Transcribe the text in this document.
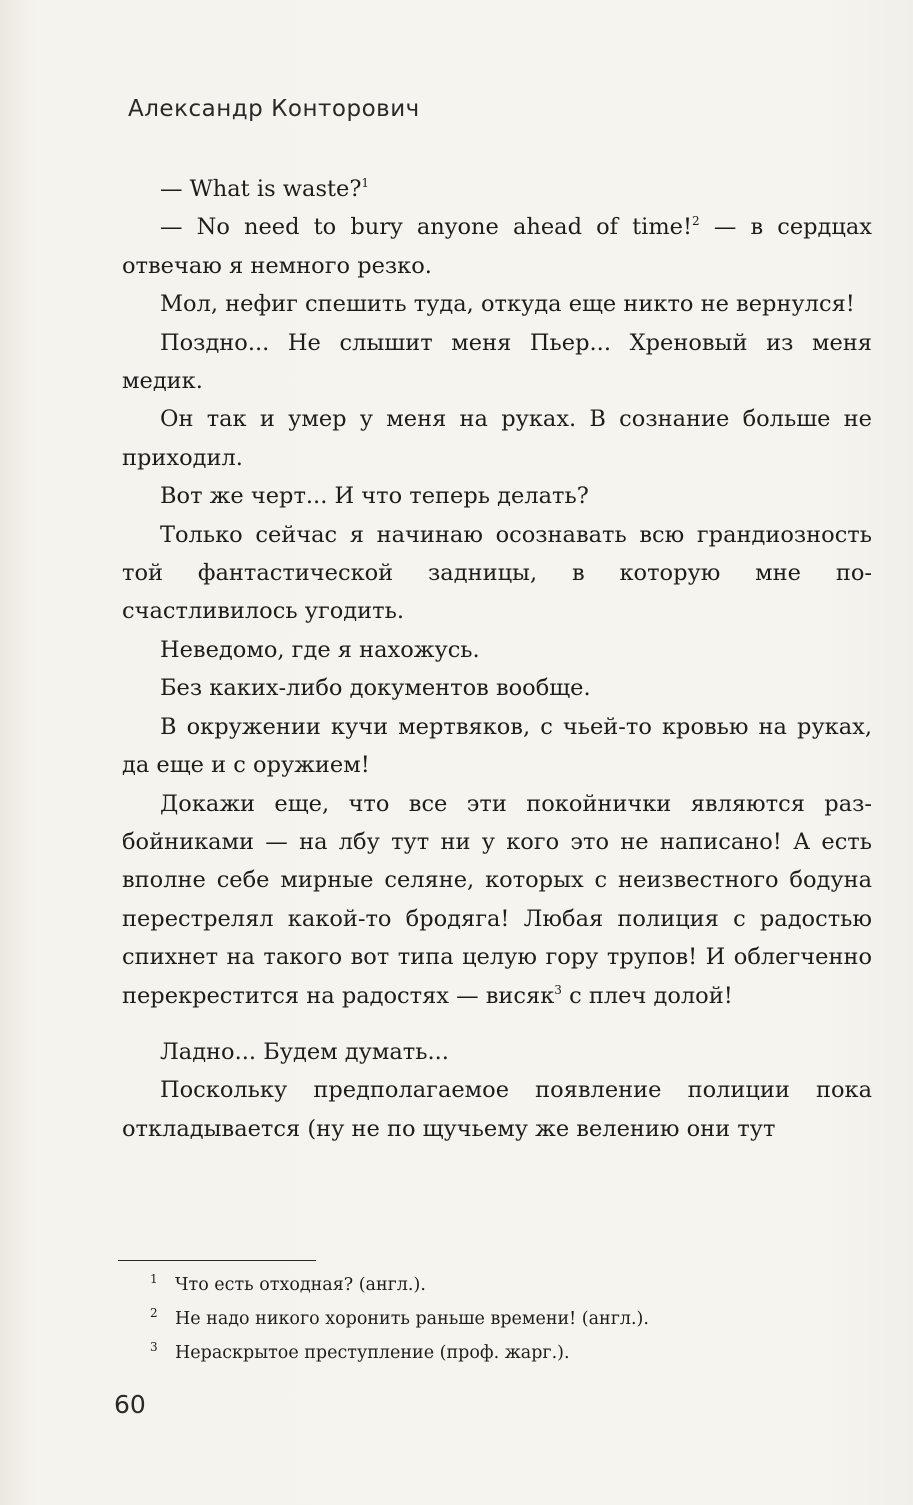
Александр Конторович

— What is waste?$^1$

— No need to bury anyone ahead of time!$^2$ — в сердцах отвечаю я немного резко.

Мол, нефиг спешить туда, откуда еще никто не вернулся!

Поздно... Не слышит меня Пьер... Хреновый из меня медик.

Он так и умер у меня на руках. В сознание больше не приходил.

Вот же черт... И что теперь делать?

Только сейчас я начинаю осознавать всю грандиозность той фантастической задницы, в которую мне посчастливилось угодить.

Неведомо, где я нахожусь.

Без каких-либо документов вообще.

В окружении кучи мертвяков, с чьей-то кровью на руках, да еще и с оружием!

Докажи еще, что все эти покойнички являются разбойниками — на лбу тут ни у кого это не написано! А есть вполне себе мирные селяне, которых с неизвестного бодуна перестрелял какой-то бродяга! Любая полиция с радостью спихнет на такого вот типа целую гору трупов! И облегченно перекрестится на радостях — висяк$^3$ с плеч долой!

Ладно... Будем думать...

Поскольку предполагаемое появление полиции пока откладывается (ну не по щучьему же велению они тут

1 Что есть отходная? (англ.).
2 Не надо никого хоронить раньше времени! (англ.).
3 Нераскрытое преступление (проф. жарг.).
60
